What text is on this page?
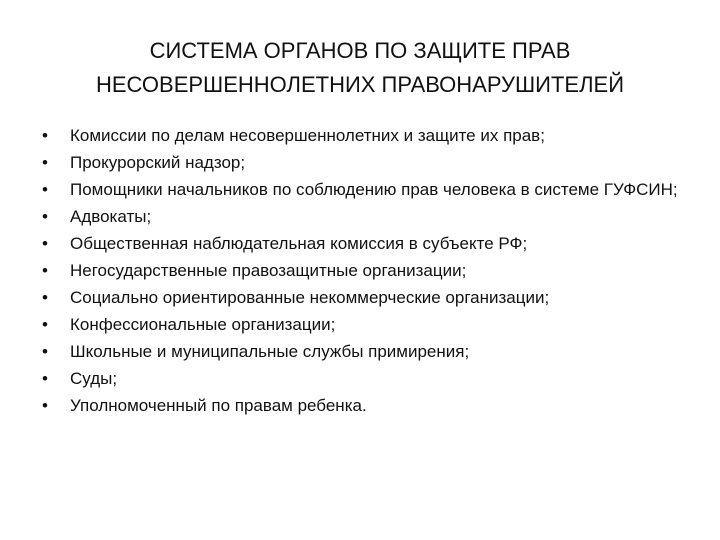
СИСТЕМА ОРГАНОВ ПО ЗАЩИТЕ ПРАВ
НЕСОВЕРШЕННОЛЕТНИХ ПРАВОНАРУШИТЕЛЕЙ
• Комиссии по делам несовершеннолетних и защите их прав;
• Прокурорский надзор;
• Помощники начальников по соблюдению прав человека в системе ГУФСИН;
• Адвокаты;
• Общественная наблюдательная комиссия в субъекте РФ;
• Негосударственные правозащитные организации;
• Социально ориентированные некоммерческие организации;
• Конфессиональные организации;
• Школьные и муниципальные службы примирения;
• Суды;
• Уполномоченный по правам ребенка.
